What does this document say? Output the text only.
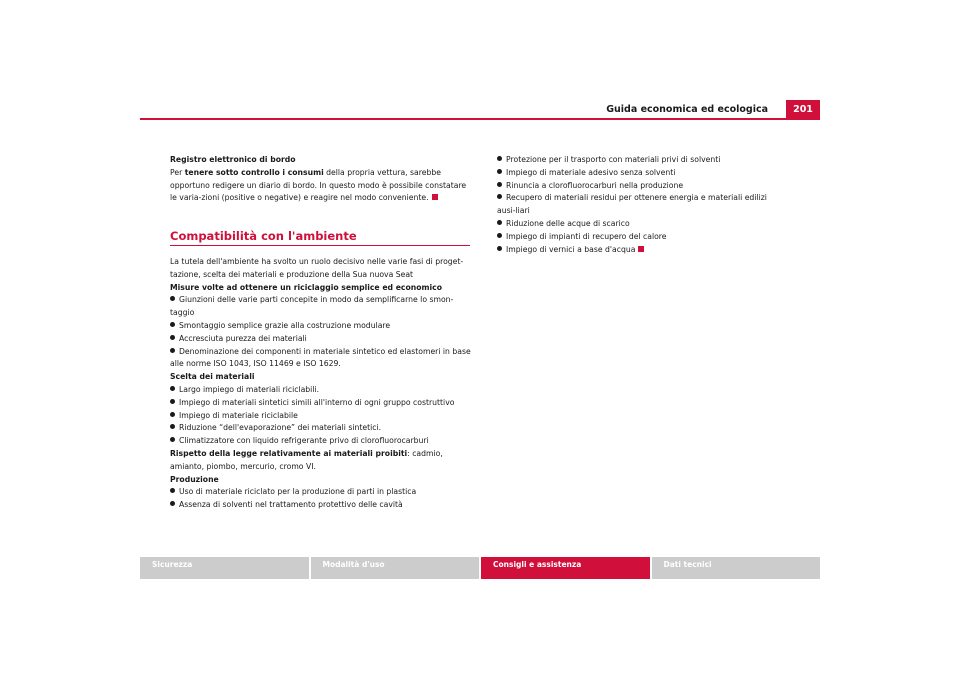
Guida economica ed ecologica	201

Registro elettronico di bordo

Per tenere sotto controllo i consumi della propria vettura, sarebbe opportuno redigere un diario di bordo. In questo modo è possibile constatare le varia-zioni (positive o negative) e reagire nel modo conveniente.

Compatibilità con l'ambiente

La tutela dell'ambiente ha svolto un ruolo decisivo nelle varie fasi di proget-tazione, scelta dei materiali e produzione della Sua nuova Seat

Misure volte ad ottenere un riciclaggio semplice ed economico

Giunzioni delle varie parti concepite in modo da semplificarne lo smon-taggio

Smontaggio semplice grazie alla costruzione modulare

Accresciuta purezza dei materiali

Denominazione dei componenti in materiale sintetico ed elastomeri in base alle norme ISO 1043, ISO 11469 e ISO 1629.

Scelta dei materiali

Largo impiego di materiali riciclabili.

Impiego di materiali sintetici simili all'interno di ogni gruppo costruttivo

Impiego di materiale riciclabile

Riduzione “dell'evaporazione” dei materiali sintetici.

Climatizzatore con liquido refrigerante privo di clorofluorocarburi

Rispetto della legge relativamente ai materiali proibiti: cadmio, amianto, piombo, mercurio, cromo VI.

Produzione

Uso di materiale riciclato per la produzione di parti in plastica

Assenza di solventi nel trattamento protettivo delle cavità

Protezione per il trasporto con materiali privi di solventi

Impiego di materiale adesivo senza solventi

Rinuncia a clorofluorocarburi nella produzione

Recupero di materiali residui per ottenere energia e materiali edilizi ausi-liari

Riduzione delle acque di scarico

Impiego di impianti di recupero del calore

Impiego di vernici a base d'acqua

Sicurezza	Modalità d'uso	Consigli e assistenza	Dati tecnici
